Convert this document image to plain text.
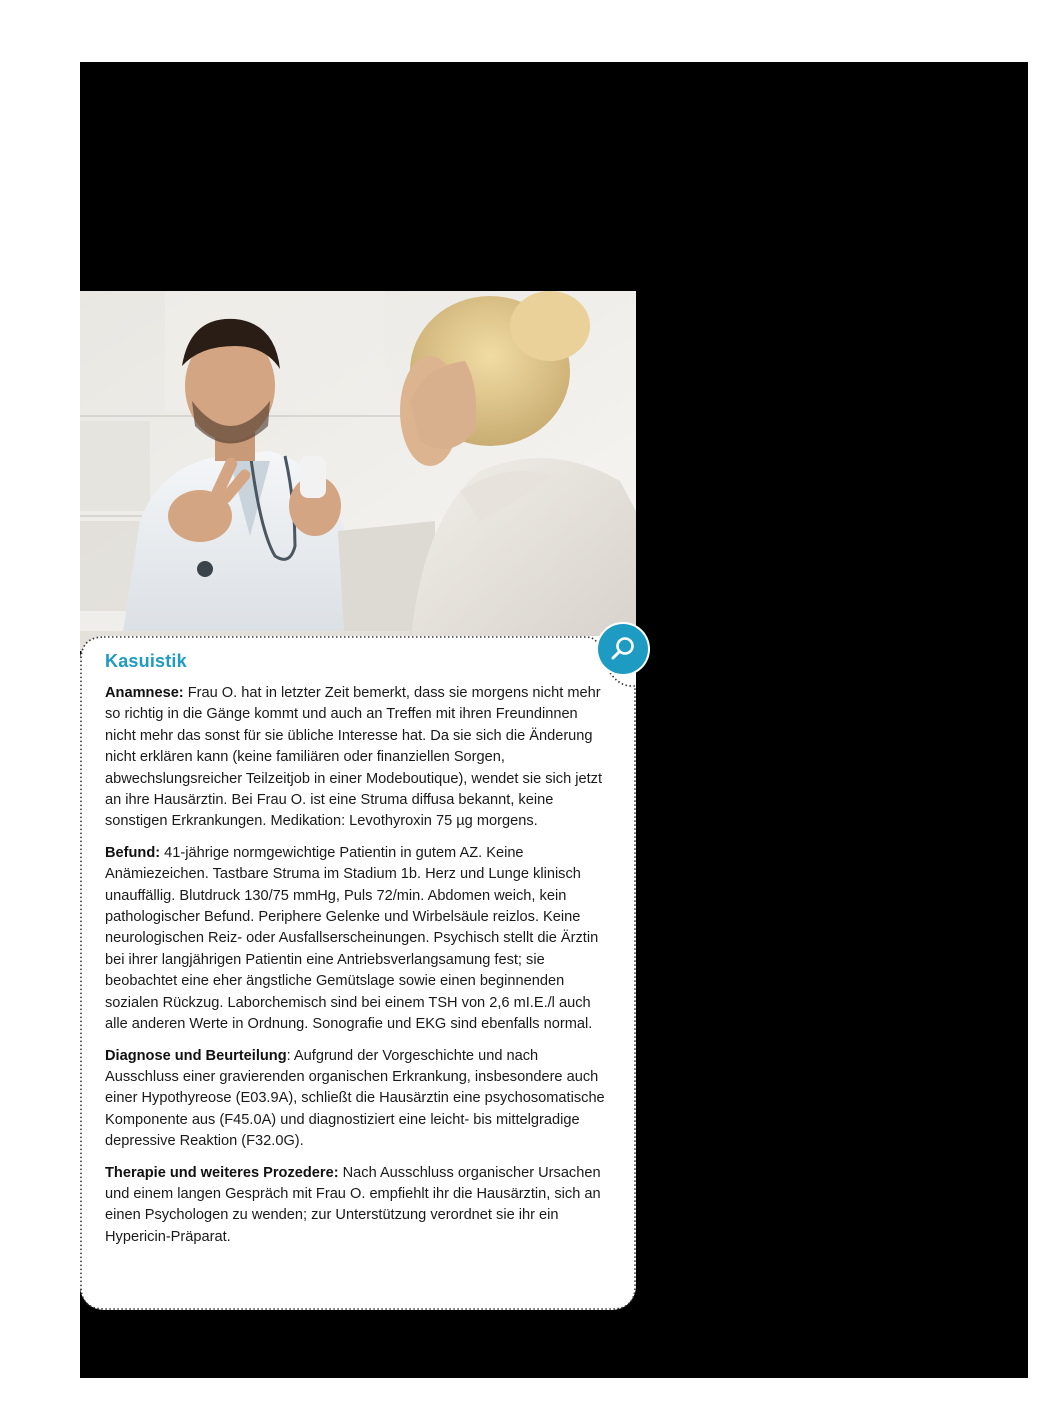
Kasuistik

Anamnese: Frau O. hat in letzter Zeit bemerkt, dass sie morgens nicht mehr so richtig in die Gänge kommt und auch an Treffen mit ihren Freundinnen nicht mehr das sonst für sie übliche Interesse hat. Da sie sich die Änderung nicht erklären kann (keine familiären oder finanziellen Sorgen, abwechslungsreicher Teilzeitjob in einer Modeboutique), wendet sie sich jetzt an ihre Hausärztin. Bei Frau O. ist eine Struma diffusa bekannt, keine sonstigen Erkrankungen. Medikation: Levothyroxin 75 µg morgens.

Befund: 41-jährige normgewichtige Patientin in gutem AZ. Keine Anämiezeichen. Tastbare Struma im Stadium 1b. Herz und Lunge klinisch unauffällig. Blutdruck 130/75 mmHg, Puls 72/min. Abdomen weich, kein pathologischer Befund. Periphere Gelenke und Wirbelsäule reizlos. Keine neurologischen Reiz- oder Ausfallserscheinungen. Psychisch stellt die Ärztin bei ihrer langjährigen Patientin eine Antriebsverlangsamung fest; sie beobachtet eine eher ängstliche Gemütslage sowie einen beginnenden sozialen Rückzug. Laborchemisch sind bei einem TSH von 2,6 mI.E./l auch alle anderen Werte in Ordnung. Sonografie und EKG sind ebenfalls normal.

Diagnose und Beurteilung: Aufgrund der Vorgeschichte und nach Ausschluss einer gravierenden organischen Erkrankung, insbesondere auch einer Hypothyreose (E03.9A), schließt die Hausärztin eine psychosomatische Komponente aus (F45.0A) und diagnostiziert eine leicht- bis mittelgradige depressive Reaktion (F32.0G).

Therapie und weiteres Prozedere: Nach Ausschluss organischer Ursachen und einem langen Gespräch mit Frau O. empfiehlt ihr die Hausärztin, sich an einen Psychologen zu wenden; zur Unterstützung verordnet sie ihr ein Hypericin-Präparat.
